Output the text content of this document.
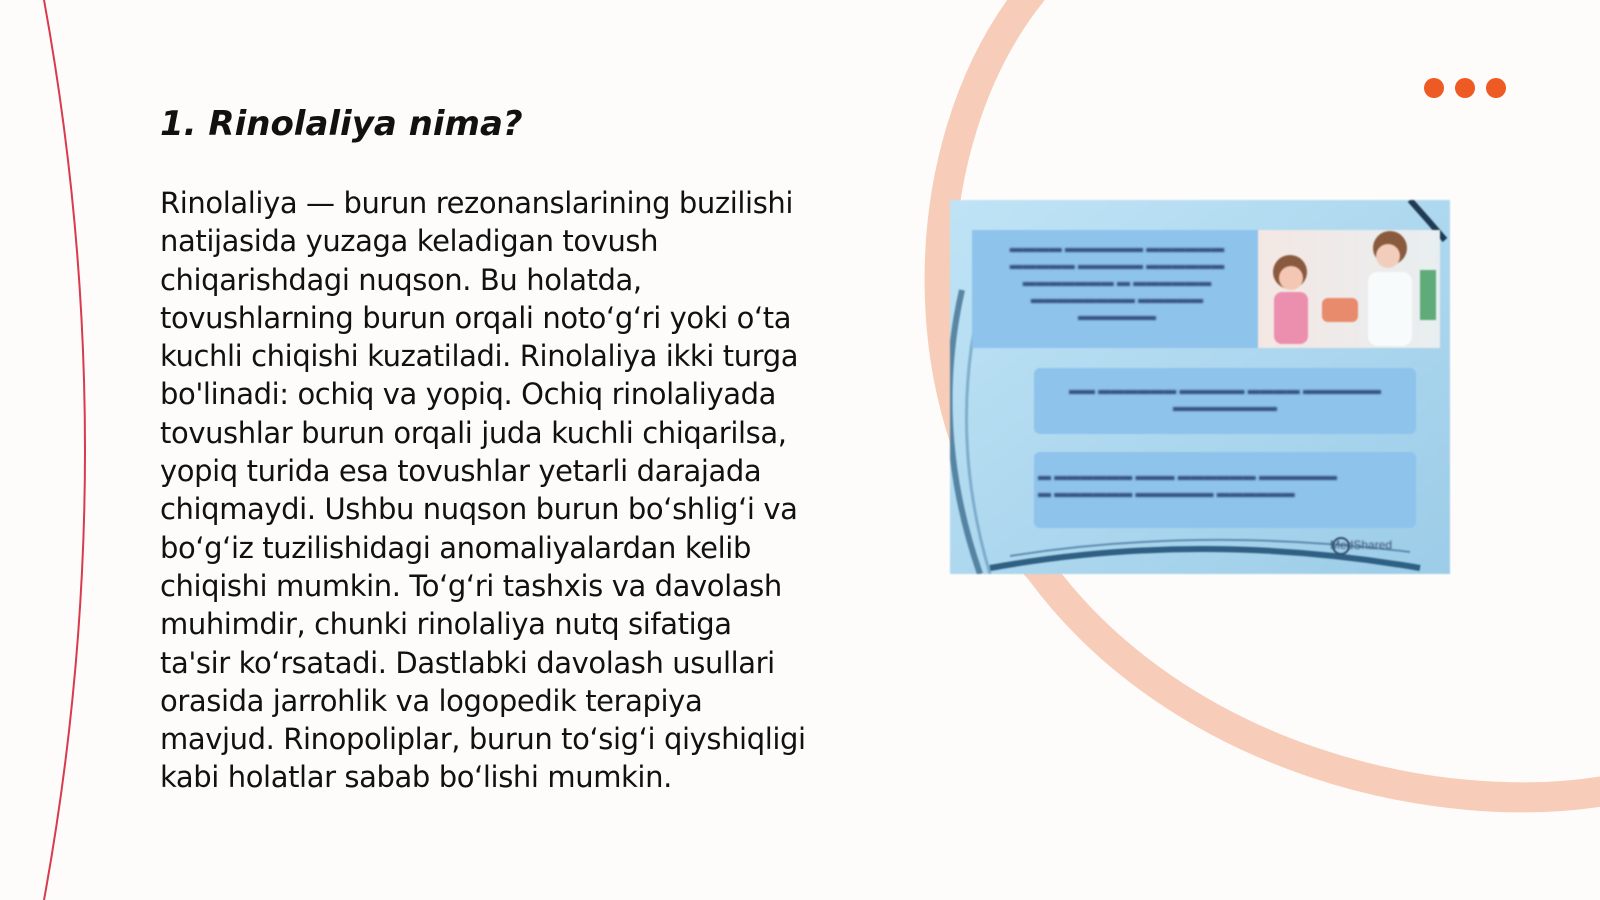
1. Rinolaliya nima?

Rinolaliya — burun rezonanslarining buzilishi
natijasida yuzaga keladigan tovush
chiqarishdagi nuqson. Bu holatda,
tovushlarning burun orqali noto‘g‘ri yoki o‘ta
kuchli chiqishi kuzatiladi. Rinolaliya ikki turga
bo'linadi: ochiq va yopiq. Ochiq rinolaliyada
tovushlar burun orqali juda kuchli chiqarilsa,
yopiq turida esa tovushlar yetarli darajada
chiqmaydi. Ushbu nuqson burun bo‘shlig‘i va
bo‘g‘iz tuzilishidagi anomaliyalardan kelib
chiqishi mumkin. To‘g‘ri tashxis va davolash
muhimdir, chunki rinolaliya nutq sifatiga
ta'sir ko‘rsatadi. Dastlabki davolash usullari
orasida jarrohlik va logopedik terapiya
mavjud. Rinopoliplar, burun to‘sig‘i qiyshiqligi
kabi holatlar sabab bo‘lishi mumkin.

▬▬▬▬ ▬▬▬▬▬▬ ▬▬▬▬▬▬
▬▬▬▬▬ ▬▬▬▬▬ ▬▬▬▬▬▬
▬▬▬▬▬▬▬ ▬ ▬▬▬▬▬▬
▬▬▬▬▬▬▬▬ ▬▬▬▬▬
▬▬▬▬▬▬
▬▬ ▬▬▬▬▬▬ ▬▬▬▬▬ ▬▬▬▬ ▬▬▬▬▬▬
▬▬▬▬▬▬▬▬
▬ ▬▬▬▬▬▬ ▬▬▬ ▬▬▬▬▬▬ ▬▬▬▬▬▬
▬ ▬▬▬▬▬▬ ▬▬▬▬▬▬ ▬▬▬▬▬▬
MedShared
